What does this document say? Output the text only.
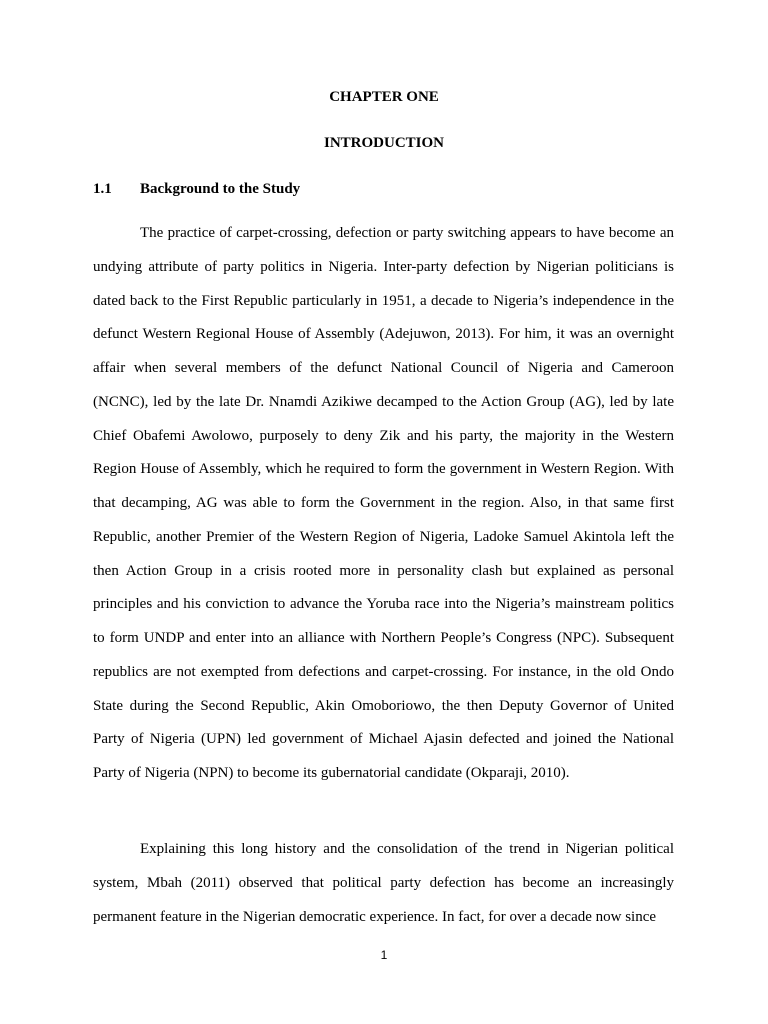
CHAPTER ONE
INTRODUCTION
1.1 Background to the Study

The practice of carpet-crossing, defection or party switching appears to have become an undying attribute of party politics in Nigeria. Inter-party defection by Nigerian politicians is dated back to the First Republic particularly in 1951, a decade to Nigeria’s independence in the defunct Western Regional House of Assembly (Adejuwon, 2013). For him, it was an overnight affair when several members of the defunct National Council of Nigeria and Cameroon (NCNC), led by the late Dr. Nnamdi Azikiwe decamped to the Action Group (AG), led by late Chief Obafemi Awolowo, purposely to deny Zik and his party, the majority in the Western Region House of Assembly, which he required to form the government in Western Region. With that decamping, AG was able to form the Government in the region. Also, in that same first Republic, another Premier of the Western Region of Nigeria, Ladoke Samuel Akintola left the then Action Group in a crisis rooted more in personality clash but explained as personal principles and his conviction to advance the Yoruba race into the Nigeria’s mainstream politics to form UNDP and enter into an alliance with Northern People’s Congress (NPC). Subsequent republics are not exempted from defections and carpet-crossing. For instance, in the old Ondo State during the Second Republic, Akin Omoboriowo, the then Deputy Governor of United Party of Nigeria (UPN) led government of Michael Ajasin defected and joined the National Party of Nigeria (NPN) to become its gubernatorial candidate (Okparaji, 2010).

Explaining this long history and the consolidation of the trend in Nigerian political system, Mbah (2011) observed that political party defection has become an increasingly permanent feature in the Nigerian democratic experience. In fact, for over a decade now since

1
